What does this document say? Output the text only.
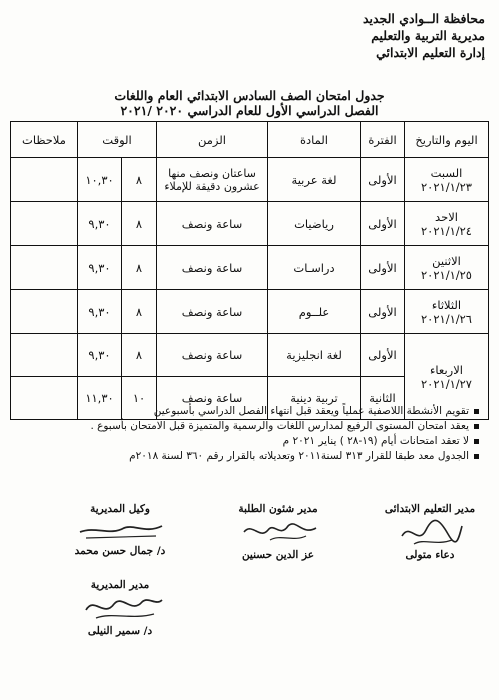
محافظة الــوادي الجديد
مديرية التربية والتعليم
إدارة التعليم الابتدائي
جدول امتحان الصف السادس الابتدائي العام واللغات
الفصل الدراسي الأول للعام الدراسي ٢٠٢٠ /٢٠٢١
اليوم والتاريخ	الفترة	المادة	الزمن	الوقت		ملاحظات

السبت
٢٠٢١/١/٢٣	الأولى	لغة عربية	ساعتان ونصف منها عشرون دقيقة للإملاء	٨	١٠,٣٠	

الاحد
٢٠٢١/١/٢٤	الأولى	رياضيات	ساعة ونصف	٨	٩,٣٠	

الاثنين
٢٠٢١/١/٢٥	الأولى	دراسـات	ساعة ونصف	٨	٩,٣٠	

الثلاثاء
٢٠٢١/١/٢٦	الأولى	علــوم	ساعة ونصف	٨	٩,٣٠	

الاربعاء
٢٠٢١/١/٢٧	الأولى	لغة انجليزية	ساعة ونصف	٨	٩,٣٠	
	الثانية	تربية دينية	ساعة ونصف	١٠	١١,٣٠	
تقويم الأنشطة اللاصفية عملياً ويعقد قبل انتهاء الفصل الدراسي بأسبوعين
يعقد امتحان المستوى الرفيع لمدارس اللغات والرسمية والمتميزة قبل الامتحان بأسبوع .
لا تعقد امتحانات أيام (١٩-٢٨ ) يناير ٢٠٢١ م
الجدول معد طبقا للقرار ٣١٣ لسنة٢٠١١ وتعديلاته بالقرار رقم ٣٦٠ لسنة ٢٠١٨م
مدير التعليم الابتدائى
دعاء متولى
مدير شئون الطلبة
عز الدين حسنين
وكيل المديرية
د/ جمال حسن محمد
مدير المديرية
د/ سمير النيلى
